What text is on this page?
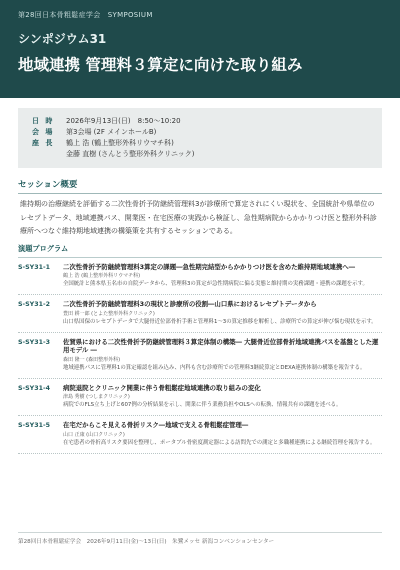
第28回日本骨粗鬆症学会　SYMPOSIUM
シンポジウム31
地域連携 管理料３算定に向けた取り組み
日 時	2026年9月13日(日)　8:50〜10:20
会 場	第3会場 (2F メインホールB)
座 長	鶴上 浩 (鶴上整形外科リウマチ科)
金藤 直樹 (さんとう整形外科クリニック)
セッション概要
維持期の治療継続を評価する二次性骨折予防継続管理料3が診療所で算定されにくい現状を、全国統計や県単位のレセプトデータ、地域連携パス、開業医・在宅医療の実践から検証し、急性期病院からかかりつけ医と整形外科診療所へつなぐ維持期地域連携の構築策を共有するセッションである。
演題プログラム
S-SY31-1	二次性骨折予防継続管理料3算定の課題―急性期完結型からかかりつけ医を含めた維持期地域連携へ―
鶴上 浩 (鶴上整形外科リウマチ科)
全国統計と熊本県玉名市の自院データから、管理料3の算定が急性期病院に偏る実態と維持期の実務課題・連携の課題を示す。
S-SY31-2	二次性骨折予防継続管理料3の現状と診療所の役割―山口県におけるレセプトデータから
豊田 耕一郎 (とよた整形外科クリニック)
山口県国保のレセプトデータで大腿骨近位部骨折手術と管理料1〜3の算定推移を解析し、診療所での算定が伸び悩む現状を示す。
S-SY31-3	佐賀県における二次性骨折予防継続管理料３算定体制の構築― 大腿骨近位部骨折地域連携パスを基盤とした運用モデル ―
森田 隆一 (森田整形外科)
地域連携パスに管理料1の算定確認を組み込み、内科も含む診療所での管理料3継続算定とDEXA連携体制の構築を報告する。
S-SY31-4	病院退院とクリニック開業に伴う骨粗鬆症地域連携の取り組みの変化
津島 秀樹 (つしまクリニック)
病院でのFLS立ち上げと607例の分析結果を示し、開業に伴う業務負担やOLSへの転換、情報共有の課題を述べる。
S-SY31-5	在宅だからこそ見える骨折リスク―地域で支える骨粗鬆症管理―
山口 正康 (山口クリニック)
在宅患者の骨折高リスク要因を整理し、ポータブル骨密度測定器による訪問先での測定と多職種連携による継続管理を報告する。
第28回日本骨粗鬆症学会　2026年9月11日(金)〜13日(日)　朱鷺メッセ 新潟コンベンションセンター
